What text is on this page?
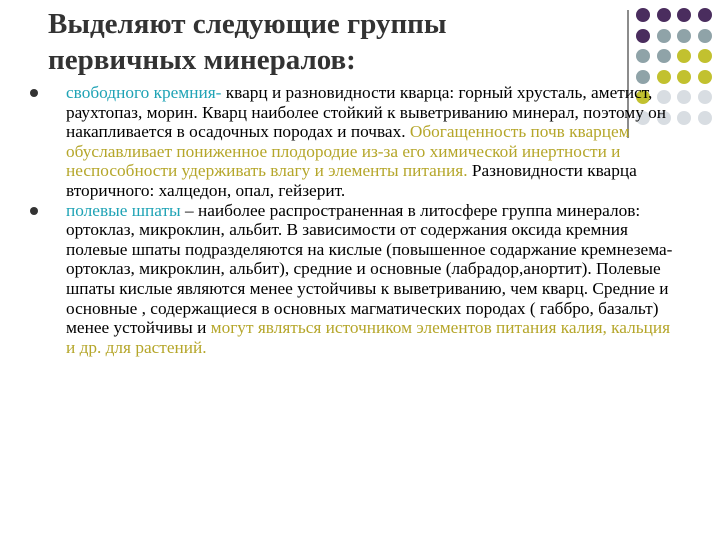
Выделяют следующие группы
первичных минералов:

свободного кремния- кварц и разновидности кварца: горный хрусталь, аметист, раухтопаз, морин. Кварц наиболее стойкий к выветриванию минерал, поэтому он накапливается в осадочных породах и почвах. Обогащенность почв кварцем обуславливает пониженное плодородие из-за его химической инертности и неспособности удерживать влагу и элементы питания. Разновидности кварца вторичного: халцедон, опал, гейзерит.

полевые шпаты – наиболее распространенная в литосфере группа минералов: ортоклаз, микроклин, альбит. В зависимости от содержания оксида кремния полевые шпаты подразделяются на кислые (повышенное содаржание кремнезема-ортоклаз, микроклин, альбит), средние и основные (лабрадор,анортит). Полевые шпаты кислые являются менее устойчивы к выветриванию, чем кварц. Средние и основные , содержащиеся в основных магматических породах ( габбро, базальт) менее устойчивы и могут являться источником элементов питания калия, кальция и др. для растений.
